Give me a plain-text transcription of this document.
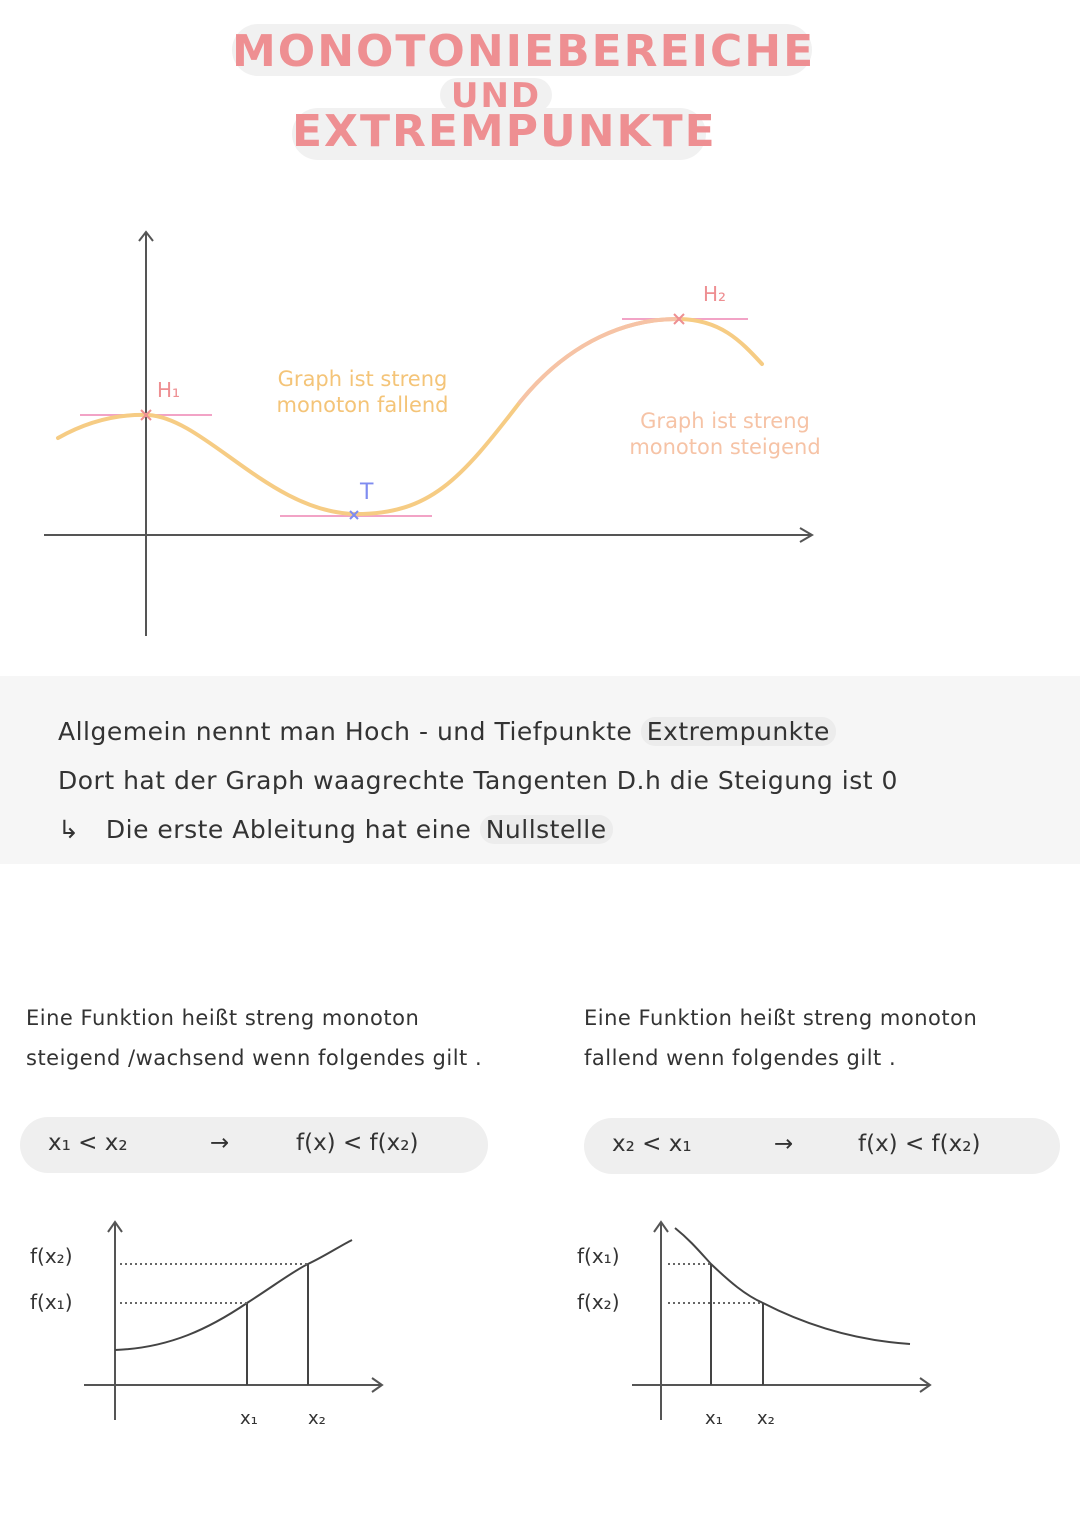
MONOTONIEBEREICHE
UND
EXTREMPUNKTE
H₁
H₂
T
Graph ist streng
monoton fallend
Graph ist streng
monoton steigend
Allgemein nennt man Hoch - und Tiefpunkte Extrempunkte
Dort hat der Graph waagrechte Tangenten D.h die Steigung ist 0
↳ Die erste Ableitung hat eine Nullstelle
Eine Funktion heißt streng monoton
steigend /wachsend wenn folgendes gilt .
x₁ < x₂	→	f(x) < f(x₂)
f(x₂)
f(x₁)
x₁	x₂
Eine Funktion heißt streng monoton
fallend wenn folgendes gilt .
x₂ < x₁	→	f(x) < f(x₂)
f(x₁)
f(x₂)
x₁ x₂
